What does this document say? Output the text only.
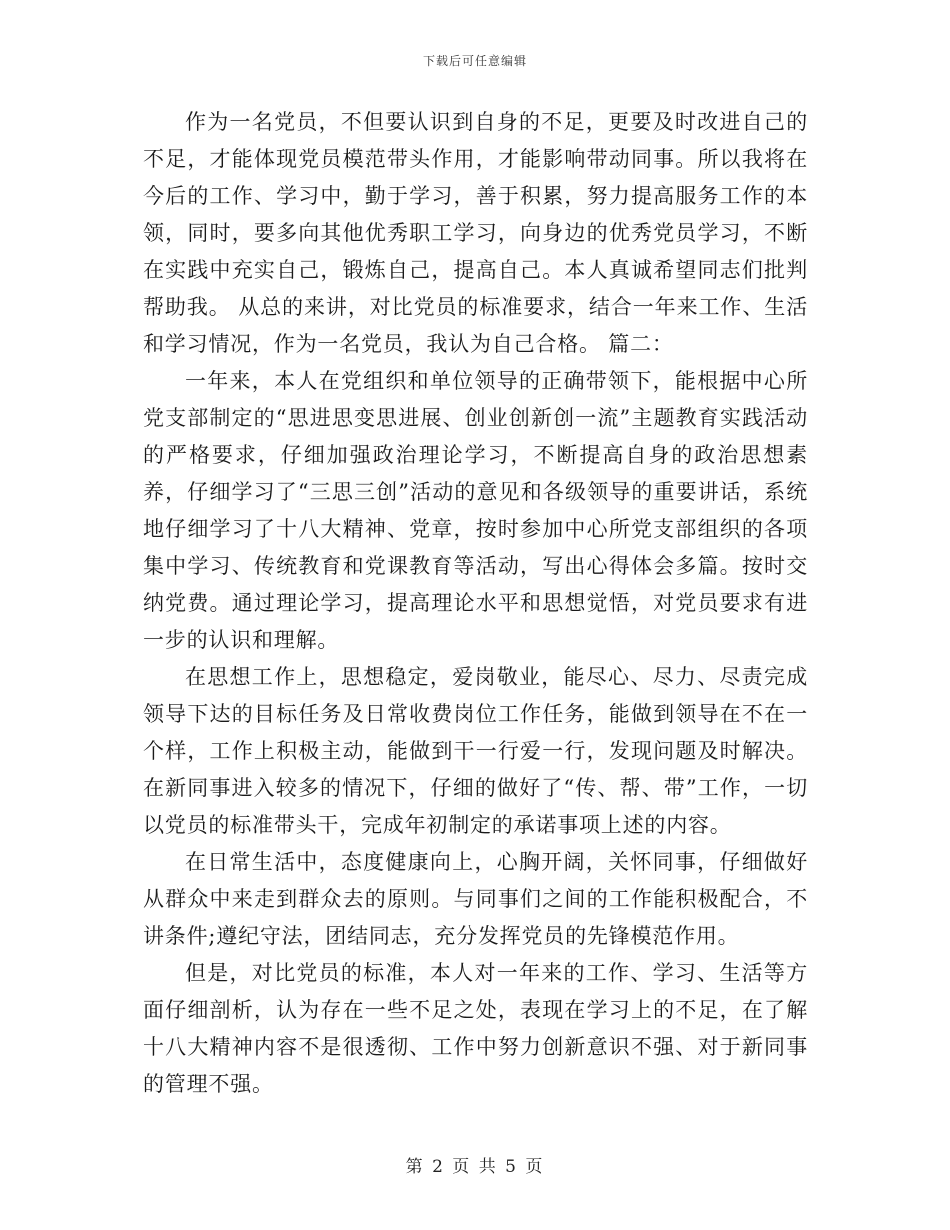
下载后可任意编辑

作为一名党员，不但要认识到自身的不足，更要及时改进自己的不足，才能体现党员模范带头作用，才能影响带动同事。所以我将在今后的工作、学习中，勤于学习，善于积累，努力提高服务工作的本领，同时，要多向其他优秀职工学习，向身边的优秀党员学习，不断在实践中充实自己，锻炼自己，提高自己。本人真诚希望同志们批判帮助我。 从总的来讲，对比党员的标准要求，结合一年来工作、生活和学习情况，作为一名党员，我认为自己合格。 篇二：

一年来，本人在党组织和单位领导的正确带领下，能根据中心所党支部制定的“思进思变思进展、创业创新创一流”主题教育实践活动的严格要求，仔细加强政治理论学习，不断提高自身的政治思想素养，仔细学习了“三思三创”活动的意见和各级领导的重要讲话，系统地仔细学习了十八大精神、党章，按时参加中心所党支部组织的各项集中学习、传统教育和党课教育等活动，写出心得体会多篇。按时交纳党费。通过理论学习，提高理论水平和思想觉悟，对党员要求有进一步的认识和理解。

在思想工作上，思想稳定，爱岗敬业，能尽心、尽力、尽责完成领导下达的目标任务及日常收费岗位工作任务，能做到领导在不在一个样，工作上积极主动，能做到干一行爱一行，发现问题及时解决。在新同事进入较多的情况下，仔细的做好了“传、帮、带”工作，一切以党员的标准带头干，完成年初制定的承诺事项上述的内容。

在日常生活中，态度健康向上，心胸开阔，关怀同事，仔细做好从群众中来走到群众去的原则。与同事们之间的工作能积极配合，不讲条件;遵纪守法，团结同志，充分发挥党员的先锋模范作用。

但是，对比党员的标准，本人对一年来的工作、学习、生活等方面仔细剖析，认为存在一些不足之处，表现在学习上的不足，在了解十八大精神内容不是很透彻、工作中努力创新意识不强、对于新同事的管理不强。

第 2 页 共 5 页
